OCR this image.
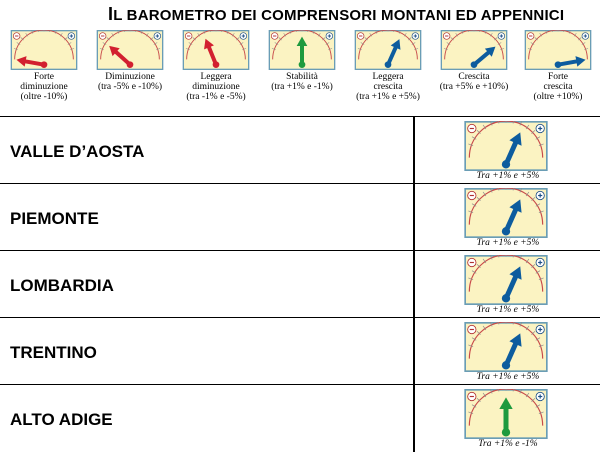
IL BAROMETRO DEI COMPRENSORI MONTANI ED APPENNICI
Forte
diminuzione
(oltre -10%)
Diminuzione
(tra -5% e -10%)
Leggera
diminuzione
(tra -1% e -5%)
Stabilità
(tra +1% e -1%)
Leggera
crescita
(tra +1% e +5%)
Crescita
(tra +5% e +10%)
Forte
crescita
(oltre +10%)
VALLE D’AOSTA
Tra +1% e +5%
PIEMONTE
Tra +1% e +5%
LOMBARDIA
Tra +1% e +5%
TRENTINO
Tra +1% e +5%
ALTO ADIGE
Tra +1% e -1%
